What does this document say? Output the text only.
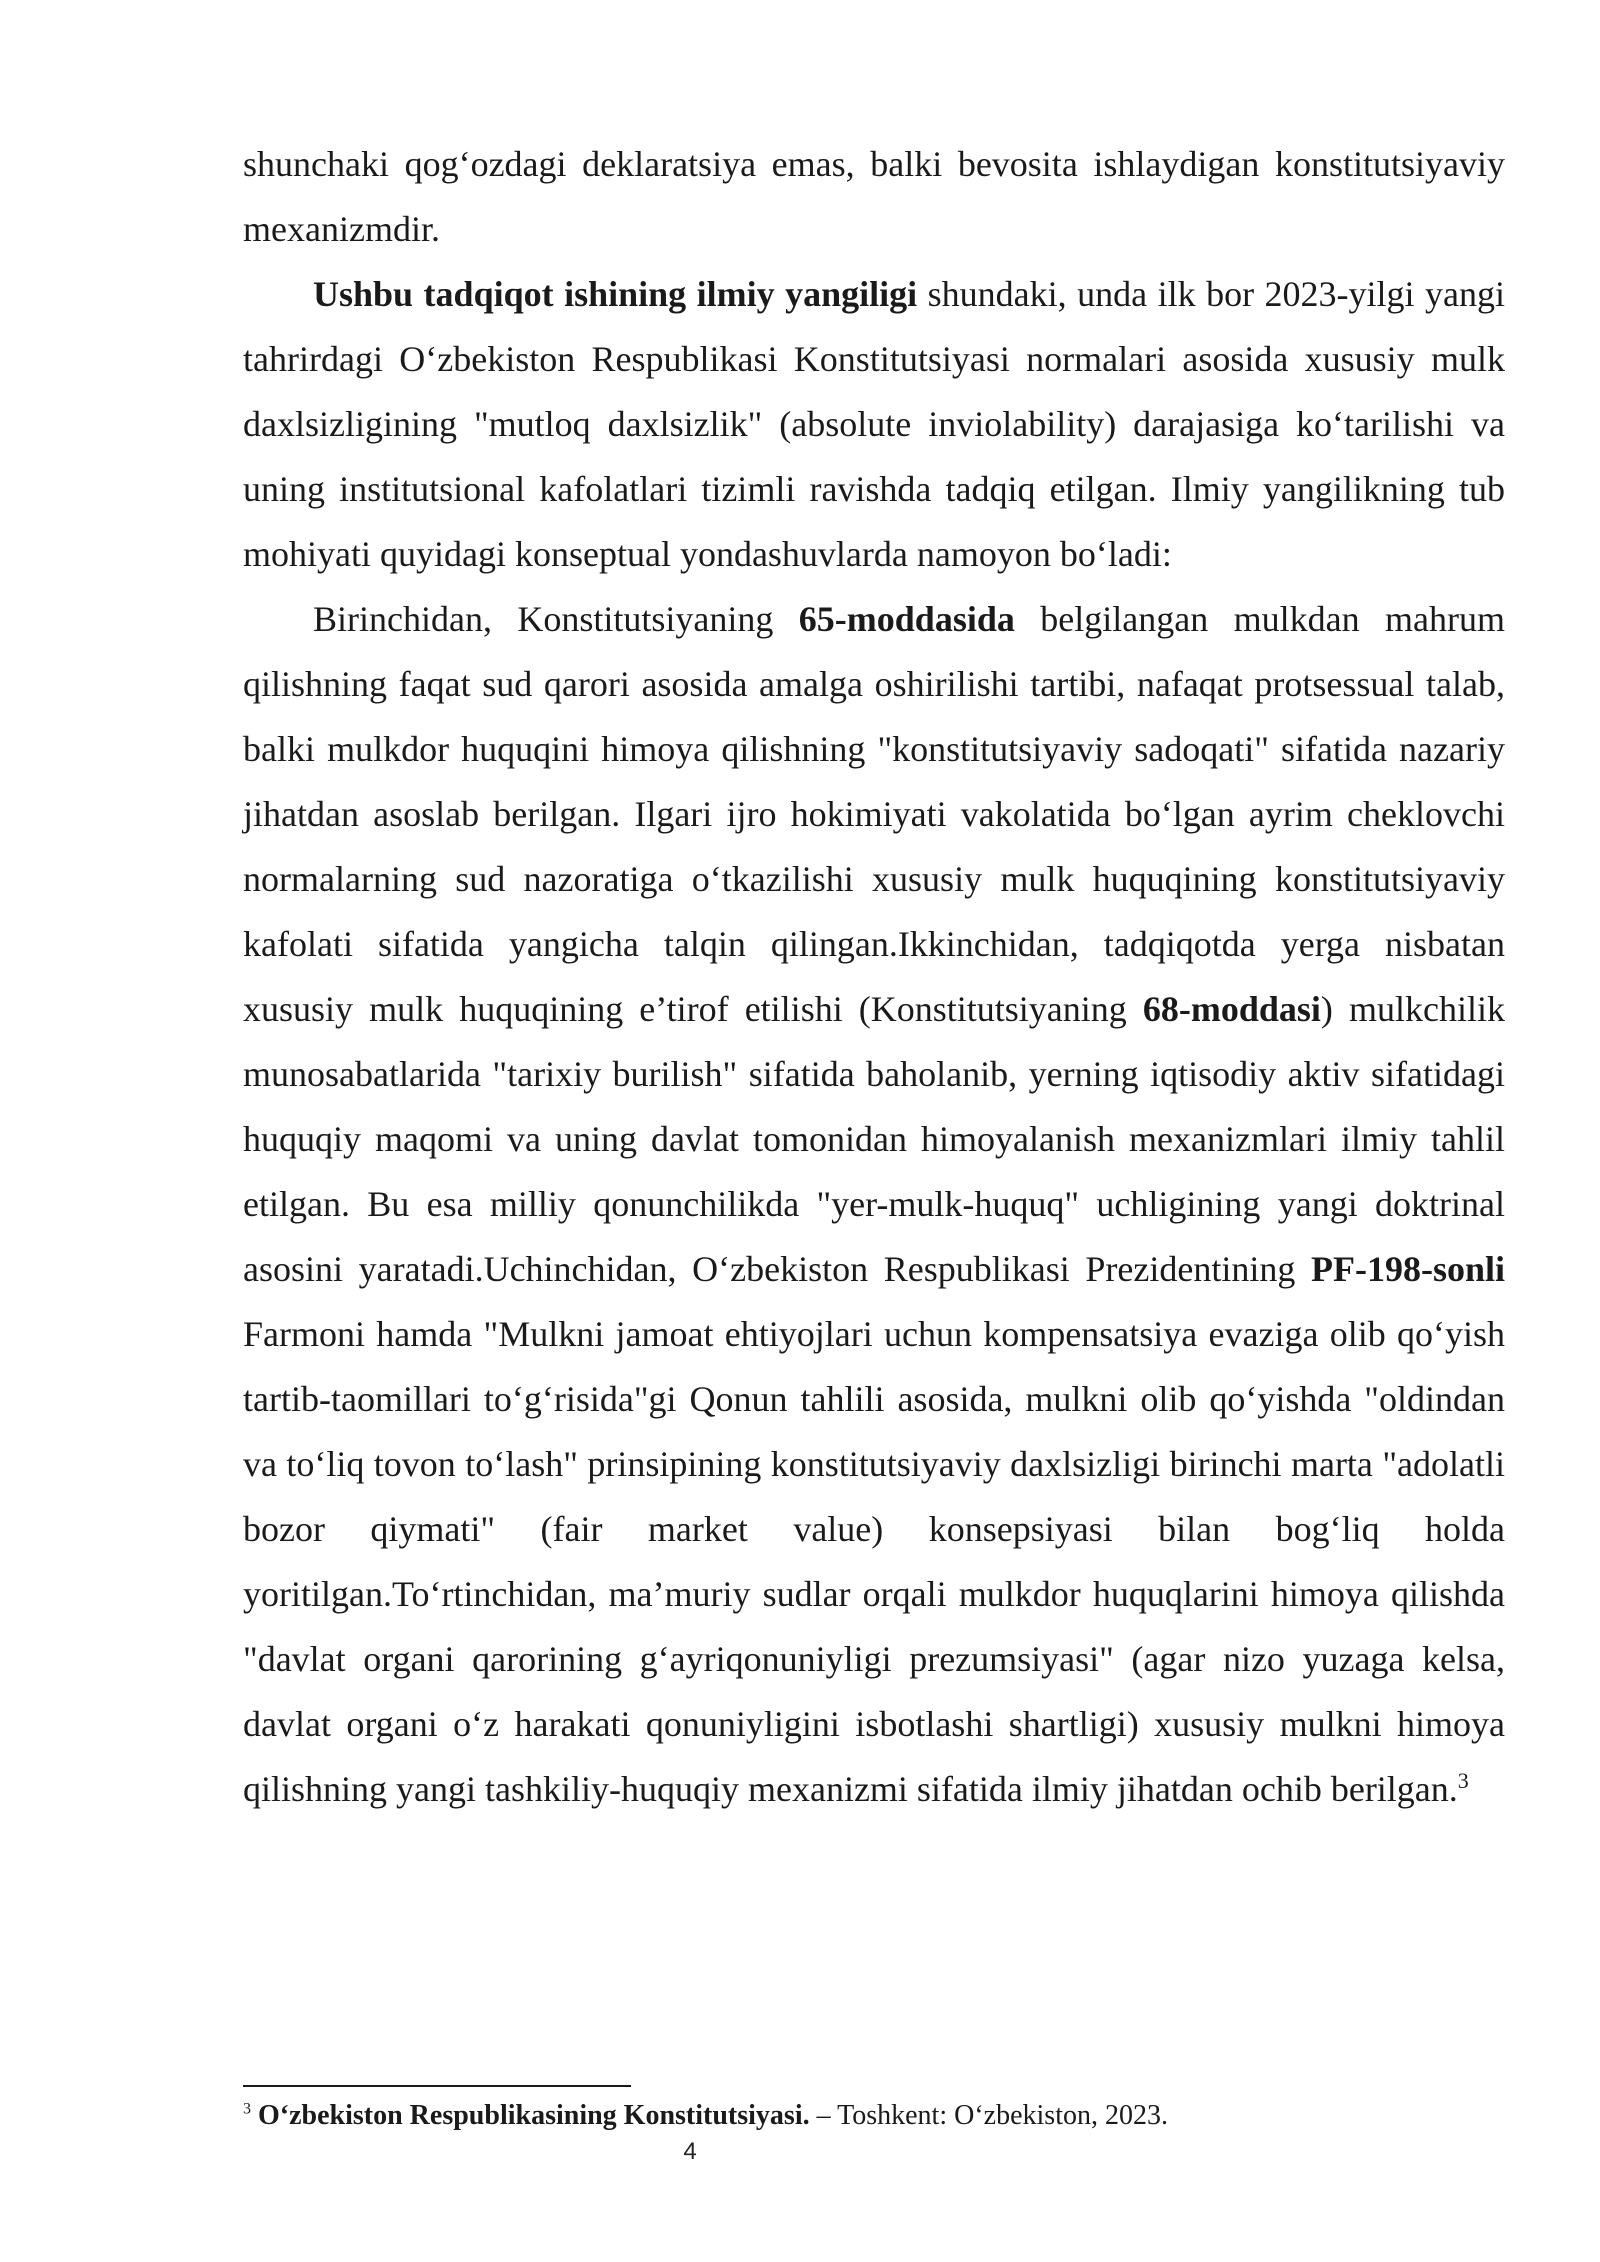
shunchaki qog‘ozdagi deklaratsiya emas, balki bevosita ishlaydigan konstitutsiyaviy mexanizmdir.

Ushbu tadqiqot ishining ilmiy yangiligi shundaki, unda ilk bor 2023-yilgi yangi tahrirdagi O‘zbekiston Respublikasi Konstitutsiyasi normalari asosida xususiy mulk daxlsizligining "mutloq daxlsizlik" (absolute inviolability) darajasiga ko‘tarilishi va uning institutsional kafolatlari tizimli ravishda tadqiq etilgan. Ilmiy yangilikning tub mohiyati quyidagi konseptual yondashuvlarda namoyon bo‘ladi:

Birinchidan, Konstitutsiyaning 65-moddasida belgilangan mulkdan mahrum qilishning faqat sud qarori asosida amalga oshirilishi tartibi, nafaqat protsessual talab, balki mulkdor huquqini himoya qilishning "konstitutsiyaviy sadoqati" sifatida nazariy jihatdan asoslab berilgan. Ilgari ijro hokimiyati vakolatida bo‘lgan ayrim cheklovchi normalarning sud nazoratiga o‘tkazilishi xususiy mulk huquqining konstitutsiyaviy kafolati sifatida yangicha talqin qilingan.Ikkinchidan, tadqiqotda yerga nisbatan xususiy mulk huquqining e’tirof etilishi (Konstitutsiyaning 68-moddasi) mulkchilik munosabatlarida "tarixiy burilish" sifatida baholanib, yerning iqtisodiy aktiv sifatidagi huquqiy maqomi va uning davlat tomonidan himoyalanish mexanizmlari ilmiy tahlil etilgan. Bu esa milliy qonunchilikda "yer-mulk-huquq" uchligining yangi doktrinal asosini yaratadi.Uchinchidan, O‘zbekiston Respublikasi Prezidentining PF-198-sonli Farmoni hamda "Mulkni jamoat ehtiyojlari uchun kompensatsiya evaziga olib qo‘yish tartib-taomillari to‘g‘risida"gi Qonun tahlili asosida, mulkni olib qo‘yishda "oldindan va to‘liq tovon to‘lash" prinsipining konstitutsiyaviy daxlsizligi birinchi marta "adolatli bozor qiymati" (fair market value) konsepsiyasi bilan bog‘liq holda yoritilgan.To‘rtinchidan, ma’muriy sudlar orqali mulkdor huquqlarini himoya qilishda "davlat organi qarorining g‘ayriqonuniyligi prezumsiyasi" (agar nizo yuzaga kelsa, davlat organi o‘z harakati qonuniyligini isbotlashi shartligi) xususiy mulkni himoya qilishning yangi tashkiliy-huquqiy mexanizmi sifatida ilmiy jihatdan ochib berilgan.$^3$

$^3$ O‘zbekiston Respublikasining Konstitutsiyasi. – Toshkent: O‘zbekiston, 2023.
4
